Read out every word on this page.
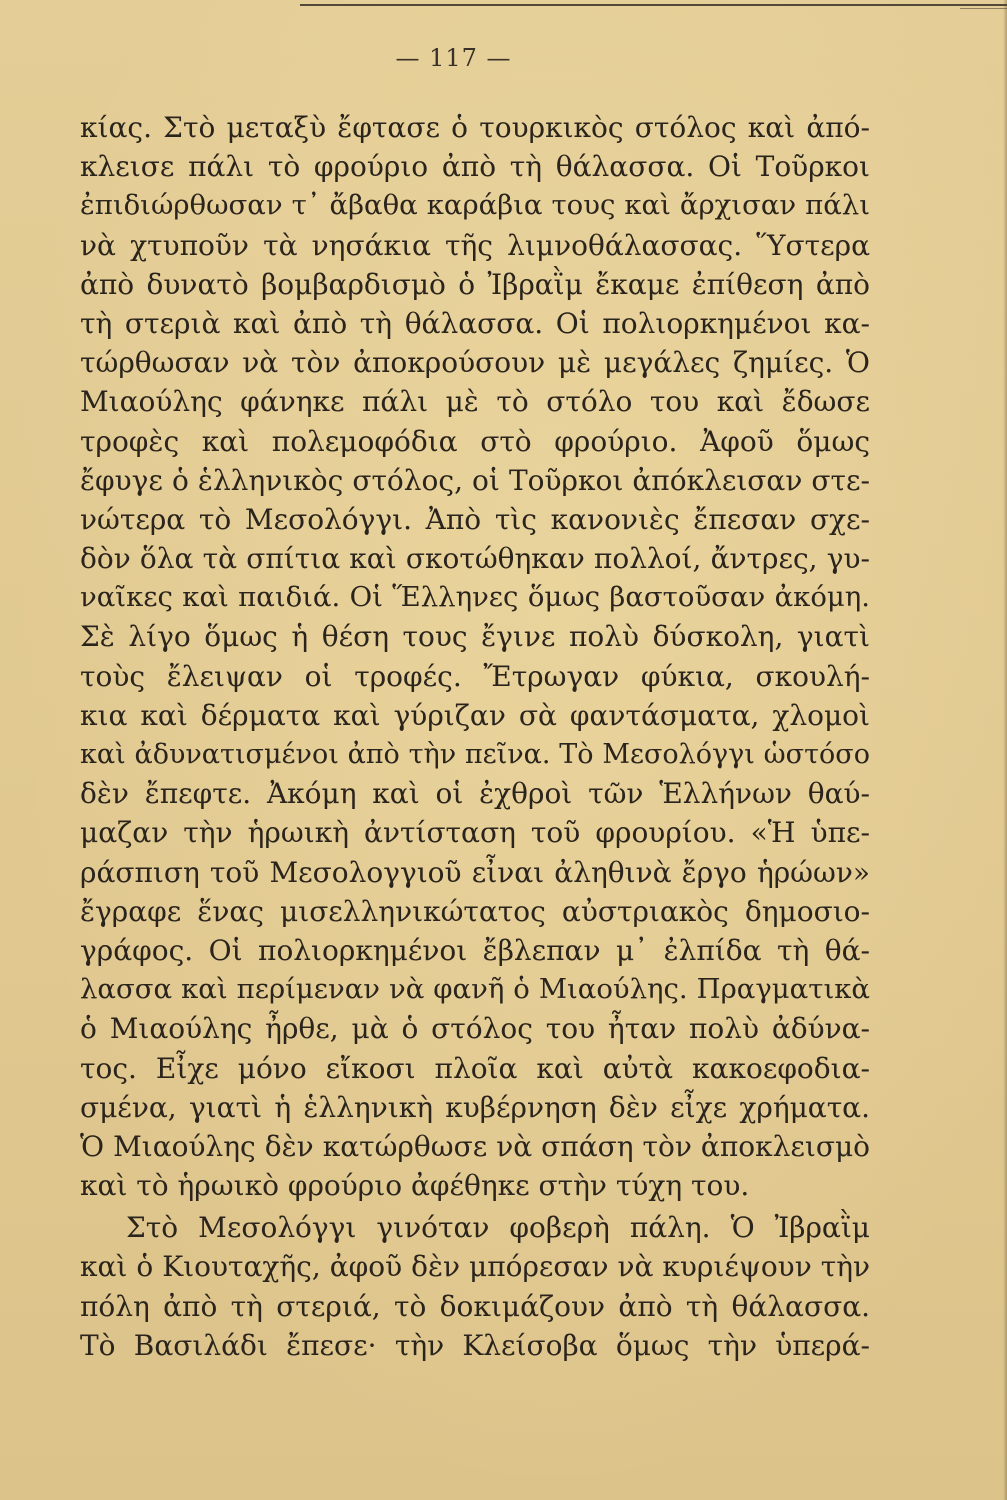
— 117 —
κίας. Στὸ μεταξὺ ἔφτασε ὁ τουρκικὸς στόλος καὶ ἀπό-
κλεισε πάλι τὸ φρούριο ἀπὸ τὴ θάλασσα. Οἱ Τοῦρκοι
ἐπιδιώρθωσαν τ᾿ ἄβαθα καράβια τους καὶ ἄρχισαν πάλι
νὰ χτυποῦν τὰ νησάκια τῆς λιμνοθάλασσας. Ὕστερα
ἀπὸ δυνατὸ βομβαρδισμὸ ὁ Ἰβραῒμ ἔκαμε ἐπίθεση ἀπὸ
τὴ στεριὰ καὶ ἀπὸ τὴ θάλασσα. Οἱ πολιορκημένοι κα-
τώρθωσαν νὰ τὸν ἀποκρούσουν μὲ μεγάλες ζημίες. Ὁ
Μιαούλης φάνηκε πάλι μὲ τὸ στόλο του καὶ ἔδωσε
τροφὲς καὶ πολεμοφόδια στὸ φρούριο. Ἀφοῦ ὅμως
ἔφυγε ὁ ἑλληνικὸς στόλος, οἱ Τοῦρκοι ἀπόκλεισαν στε-
νώτερα τὸ Μεσολόγγι. Ἀπὸ τὶς κανονιὲς ἔπεσαν σχε-
δὸν ὅλα τὰ σπίτια καὶ σκοτώθηκαν πολλοί, ἄντρες, γυ-
ναῖκες καὶ παιδιά. Οἱ Ἕλληνες ὅμως βαστοῦσαν ἀκόμη.
Σὲ λίγο ὅμως ἡ θέση τους ἔγινε πολὺ δύσκολη, γιατὶ
τοὺς ἔλειψαν οἱ τροφές. Ἔτρωγαν φύκια, σκουλή-
κια καὶ δέρματα καὶ γύριζαν σὰ φαντάσματα, χλομοὶ
καὶ ἀδυνατισμένοι ἀπὸ τὴν πεῖνα. Τὸ Μεσολόγγι ὡστόσο
δὲν ἔπεφτε. Ἀκόμη καὶ οἱ ἐχθροὶ τῶν Ἑλλήνων θαύ-
μαζαν τὴν ἡρωικὴ ἀντίσταση τοῦ φρουρίου. «Ἡ ὑπε-
ράσπιση τοῦ Μεσολογγιοῦ εἶναι ἀληθινὰ ἔργο ἡρώων»
ἔγραφε ἕνας μισελληνικώτατος αὐστριακὸς δημοσιο-
γράφος. Οἱ πολιορκημένοι ἔβλεπαν μ᾿ ἐλπίδα τὴ θά-
λασσα καὶ περίμεναν νὰ φανῆ ὁ Μιαούλης. Πραγματικὰ
ὁ Μιαούλης ἦρθε, μὰ ὁ στόλος του ἦταν πολὺ ἀδύνα-
τος. Εἶχε μόνο εἴκοσι πλοῖα καὶ αὐτὰ κακοεφοδια-
σμένα, γιατὶ ἡ ἑλληνικὴ κυβέρνηση δὲν εἶχε χρήματα.
Ὁ Μιαούλης δὲν κατώρθωσε νὰ σπάση τὸν ἀποκλεισμὸ
καὶ τὸ ἡρωικὸ φρούριο ἀφέθηκε στὴν τύχη του.
Στὸ Μεσολόγγι γινόταν φοβερὴ πάλη. Ὁ Ἰβραῒμ
καὶ ὁ Κιουταχῆς, ἀφοῦ δὲν μπόρεσαν νὰ κυριέψουν τὴν
πόλη ἀπὸ τὴ στεριά, τὸ δοκιμάζουν ἀπὸ τὴ θάλασσα.
Τὸ Βασιλάδι ἔπεσε· τὴν Κλείσοβα ὅμως τὴν ὑπερά-
